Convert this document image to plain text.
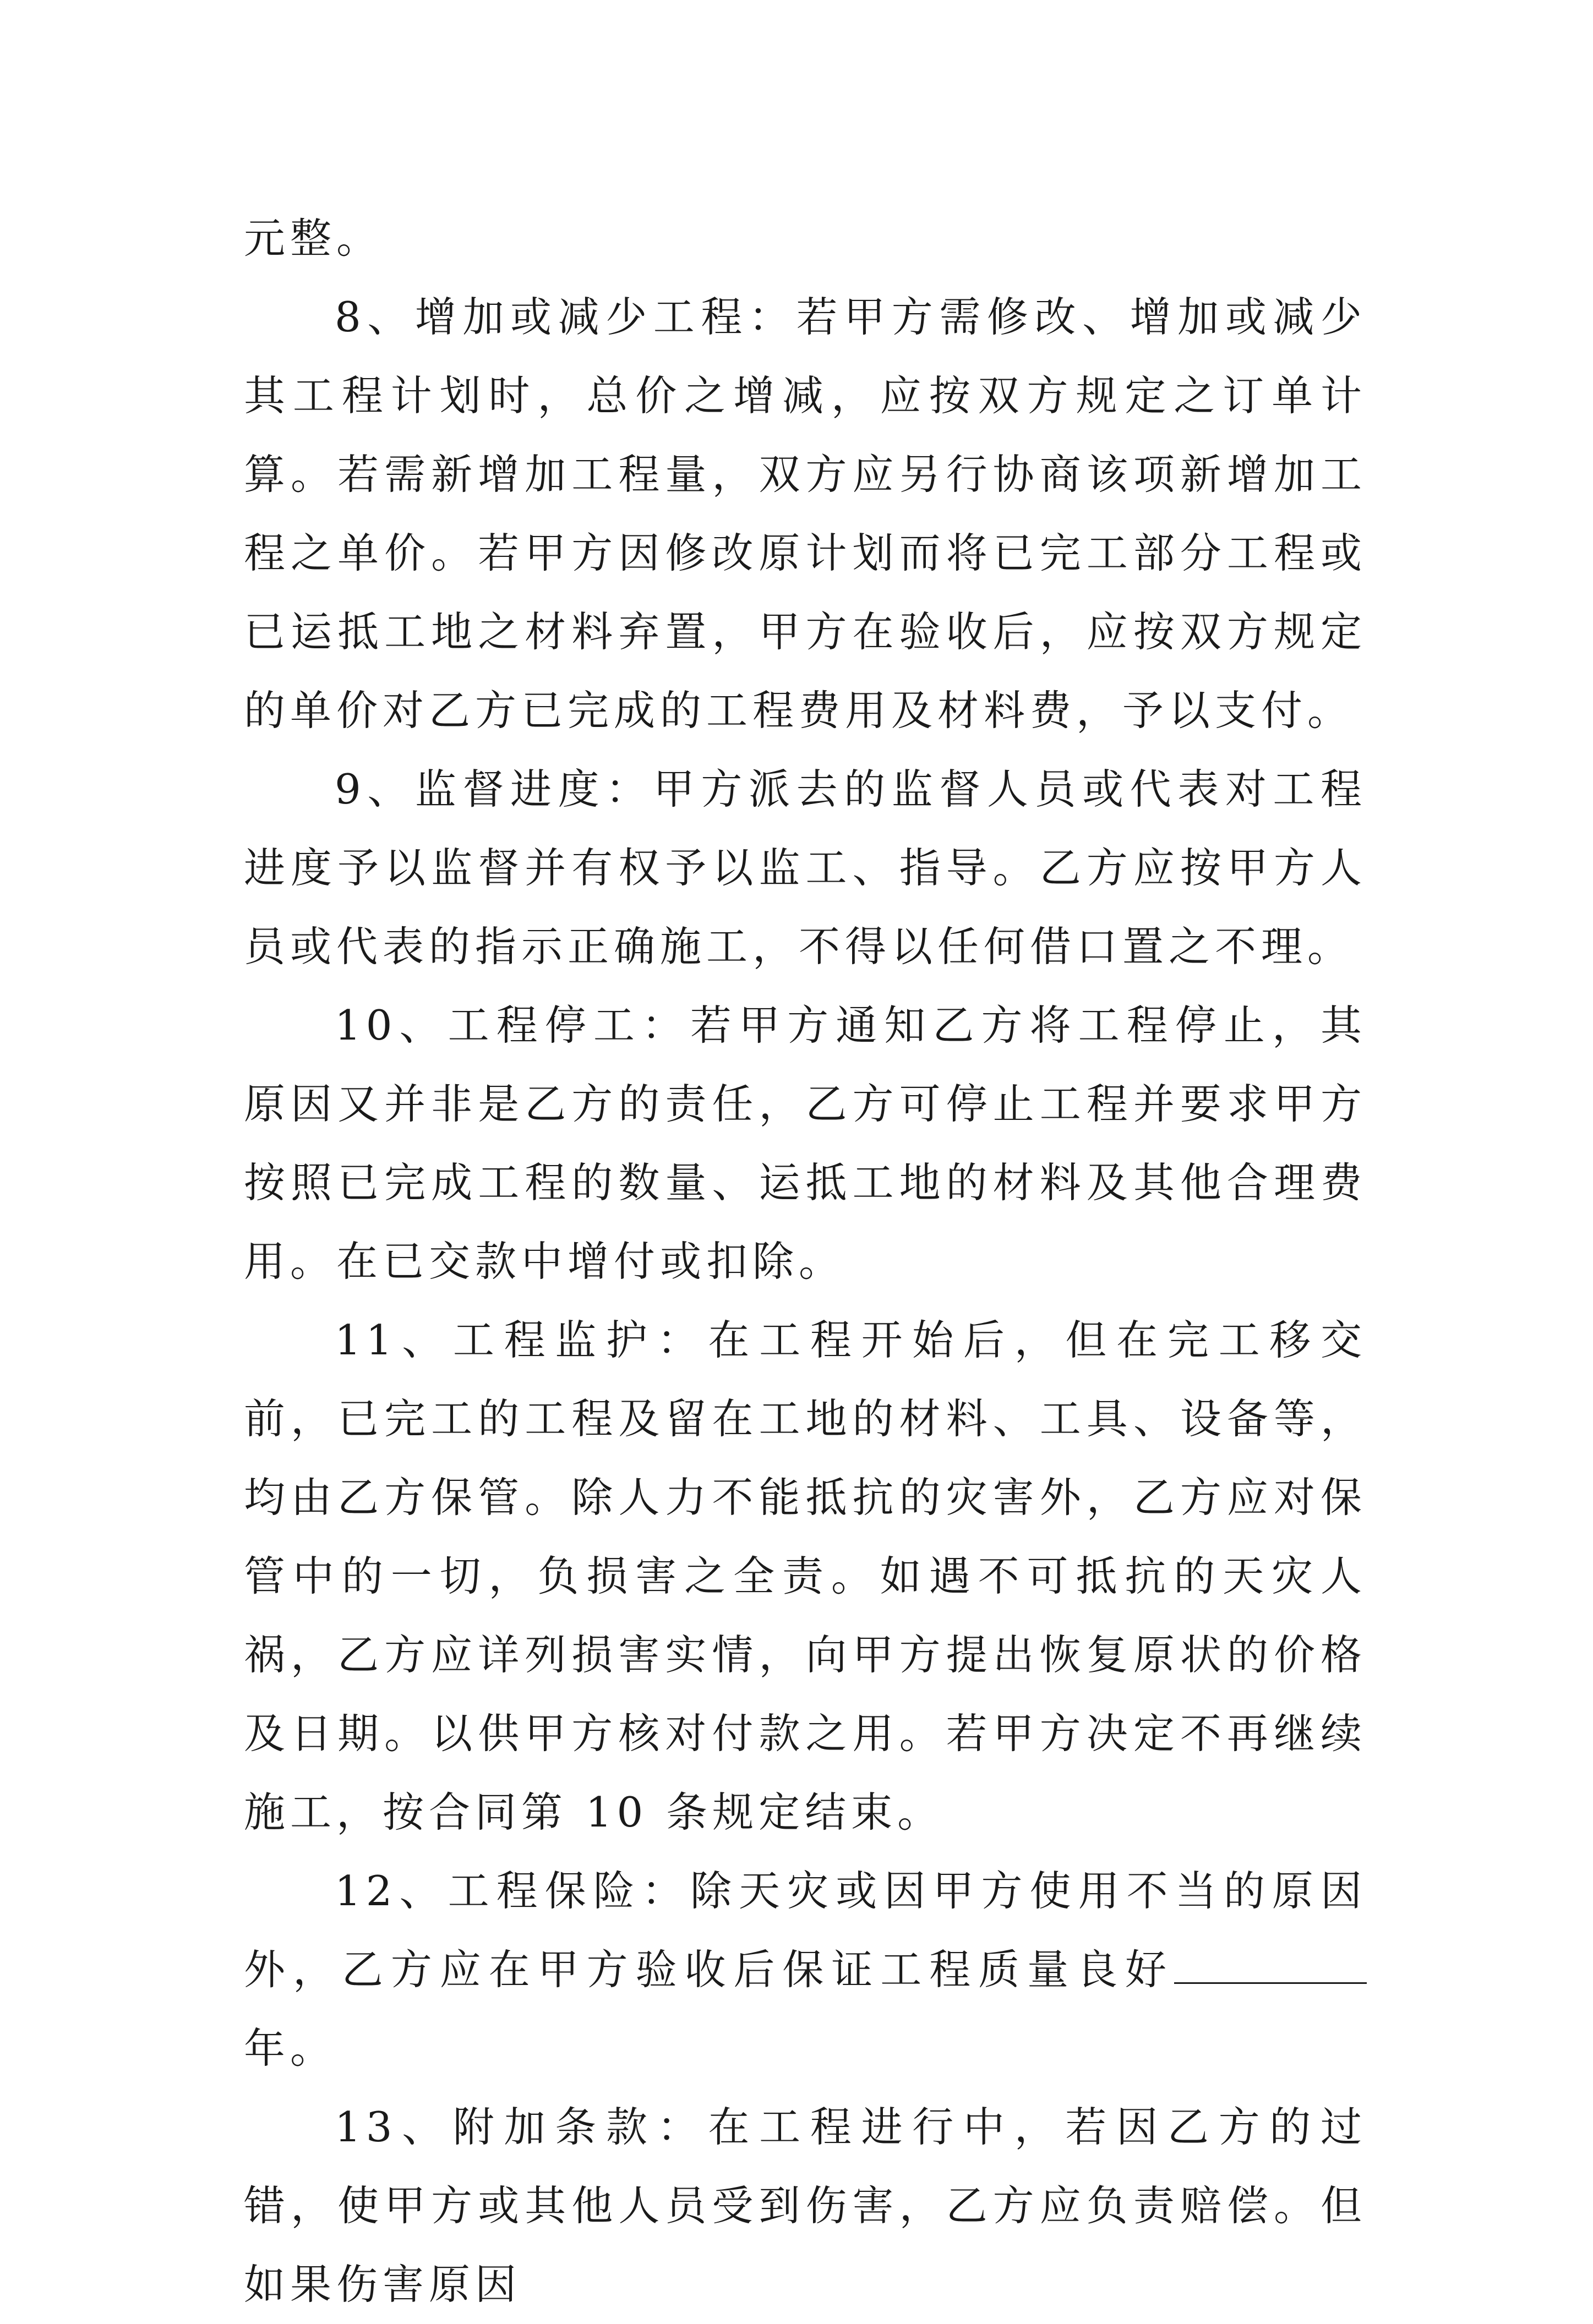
元整。

8、增加或减少工程：若甲方需修改、增加或减少其工程计划时，总价之增减，应按双方规定之订单计算。若需新增加工程量，双方应另行协商该项新增加工程之单价。若甲方因修改原计划而将已完工部分工程或已运抵工地之材料弃置，甲方在验收后，应按双方规定的单价对乙方已完成的工程费用及材料费，予以支付。

9、监督进度：甲方派去的监督人员或代表对工程进度予以监督并有权予以监工、指导。乙方应按甲方人员或代表的指示正确施工，不得以任何借口置之不理。

10、工程停工：若甲方通知乙方将工程停止，其原因又并非是乙方的责任，乙方可停止工程并要求甲方按照已完成工程的数量、运抵工地的材料及其他合理费用。在已交款中增付或扣除。

11、工程监护：在工程开始后，但在完工移交前，已完工的工程及留在工地的材料、工具、设备等，均由乙方保管。除人力不能抵抗的灾害外，乙方应对保管中的一切，负损害之全责。如遇不可抵抗的天灾人祸，乙方应详列损害实情，向甲方提出恢复原状的价格及日期。以供甲方核对付款之用。若甲方决定不再继续施工，按合同第 10 条规定结束。

12、工程保险：除天灾或因甲方使用不当的原因外，乙方应在甲方验收后保证工程质量良好年。

13、附加条款：在工程进行中，若因乙方的过错，使甲方或其他人员受到伤害，乙方应负责赔偿。但如果伤害原因
